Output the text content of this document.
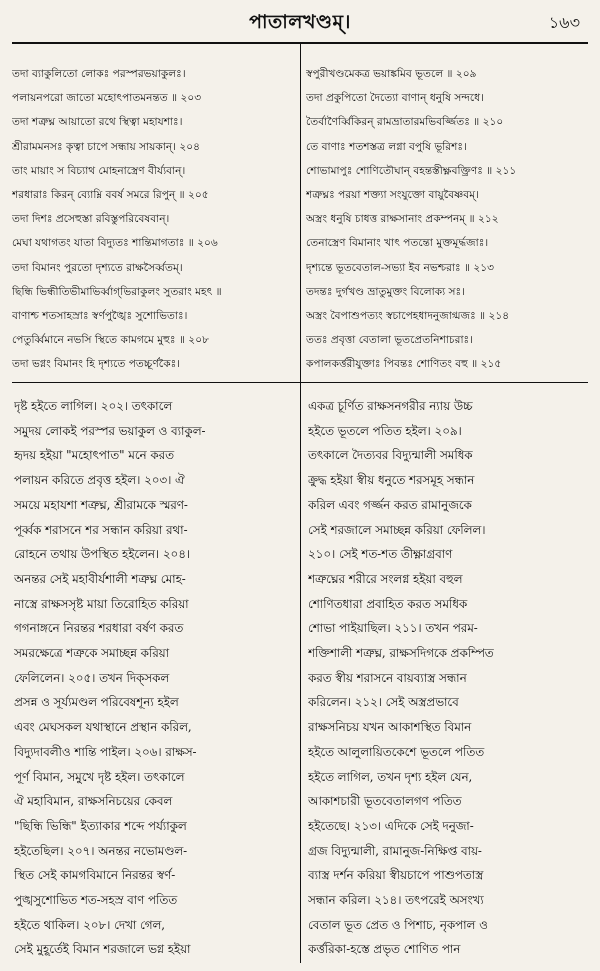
পাতালখণ্ডম্‌।	১৬৩
তদা ব্যাকুলিতো লোকঃ পরস্পরভয়াকুলঃ।
পলায়নপরো জাতো মহোৎপাতমনন্তত ॥ ২০৩
তদা শত্রুঘ্ন আয়াতো রথে স্থিত্বা মহাযশাঃ।
শ্রীরামমনসঃ কৃত্বা চাপে সন্ধায় সায়কান্‌। ২০৪
তাং মায়াং স বিচ্যাথ মোহনাস্ত্রেণ বীর্য্যবান্‌।
শরধারাঃ কিরন্‌ ব্যোম্নি ববর্ষ সমরে রিপুন্‌ ॥ ২০৫
তদা দিশঃ প্রসেহুস্তা রবিস্তুপরিবেষবান্‌।
মেঘা যথাগতং যাতা বিদ্যুতঃ শান্তিমাগতাঃ ॥ ২০৬
তদা বিমানং পুরতো দৃশ্যতে রাক্ষসৈর্ব্বতম্‌।
ছিন্ধি ভিন্ধীতিভীমাভির্ব্বাগ্‌ভিরাকুলং সুতরাং মহৎ ॥
বাণাশ্চ শতসাহস্রাঃ স্বর্ণপুঙ্খৈঃ সুশোভিতাঃ।
পেতুর্ব্বিমানে নভসি স্থিতে কামগমে মুহুঃ ॥ ২০৮
তদা ভগ্নং বিমানং হি দৃশ্যতে পতচ্চূর্ণকৈঃ।
স্বপুরীখণ্ডমেকত্র ভয়াঙ্কমিব ভূতলে ॥ ২০৯
তদা প্রকুপিতো দৈত্যো বাণান্‌ ধনুষি সন্দধে।
তৈর্বাণৈর্ব্বিকিরন্‌ রামভ্রাতারমভিবর্জ্জিতঃ ॥ ২১০
তে বাণাঃ শতশস্তত্র লগ্না বপুষি ভূরিশঃ।
শোভামাপুঃ শোণিতৌঘান্‌ বহন্তস্তীক্ষ্ণবক্ত্রিণঃ ॥ ২১১
শত্রুঘ্নঃ পরয়া শক্ত্যা সংযুক্তো বায়ুবৈষ্ণবম্‌।
অস্ত্রং ধনুষি চাধত্ত রাক্ষসানাং প্রকম্পনম্‌ ॥ ২১২
তেনাস্ত্রেণ বিমানাং খাৎ পতন্তো মুক্তমূর্দ্ধজাঃ।
দৃশ্যন্তে ভূতবেতাল-সভ্যা ইব নভশ্চরাঃ ॥ ২১৩
তদন্তঃ দুর্গখণ্ড ভ্রাতুমুক্তং বিলোক্য সঃ।
অস্ত্রং বৈপাশুপত্যং স্বচাপেহধাদনুজাগ্মজঃ ॥ ২১৪
ততঃ প্রবৃত্তা বেতালা ভূতপ্রেতনিশাচরাঃ।
কপালকর্ত্তরীযুক্তাঃ পিবন্তঃ শোণিতং বহু ॥ ২১৫
দৃষ্ট হইতে লাগিল। ২০২। তৎকালে
সমুদয় লোকই পরস্পর ভয়াকুল ও ব্যাকুল-
হৃদয় হইয়া "মহোৎপাত" মনে করত
পলায়ন করিতে প্রবৃত্ত হইল। ২০৩। ঐ
সময়ে মহাযশা শত্রুঘ্ন, শ্রীরামকে স্মরণ-
পূর্ব্বক শরাসনে শর সন্ধান করিয়া রথা-
রোহনে তথায় উপস্থিত হইলেন। ২০৪।
অনন্তর সেই মহাবীর্যশালী শত্রুঘ্ন মোহ-
নাস্ত্রে রাক্ষসসৃষ্ট মায়া তিরোহিত করিয়া
গগনাঙ্গনে নিরন্তর শরধারা বর্ষণ করত
সমরক্ষেত্রে শত্রুকে সমাচ্ছন্ন করিয়া
ফেলিলেন। ২০৫। তখন দিক্‌সকল
প্রসন্ন ও সূর্য্যমণ্ডল পরিবেষশূন্য হইল
এবং মেঘসকল যথাস্থানে প্রস্থান করিল,
বিদ্যুদাবলীও শান্তি পাইল। ২০৬। রাক্ষস-
পূর্ণ বিমান, সমুখে দৃষ্ট হইল। তৎকালে
ঐ মহাবিমান, রাক্ষসনিচয়ের কেবল
"ছিন্ধি ভিন্ধি" ইত্যাকার শব্দে পর্য্যাকুল
হইতেছিল। ২০৭। অনন্তর নভোমণ্ডল-
স্থিত সেই কামগবিমানে নিরন্তর স্বর্ণ-
পুঙ্খসুশোভিত শত-সহস্র বাণ পতিত
হইতে থাকিল। ২০৮। দেখা গেল,
সেই মুহূর্তেই বিমান শরজালে ভগ্ন হইয়া
একত্র চূর্ণিত রাক্ষসনগরীর ন্যায় উচ্চ
হইতে ভূতলে পতিত হইল। ২০৯।
তৎকালে দৈত্যবর বিদ্যুন্মালী সমধিক
ক্রুদ্ধ হইয়া স্বীয় ধনুতে শরসমূহ সন্ধান
করিল এবং গর্জ্জন করত রামানুজকে
সেই শরজালে সমাচ্ছন্ন করিয়া ফেলিল।
২১০। সেই শত-শত তীক্ষ্ণাগ্রবাণ
শত্রুঘ্নের শরীরে সংলগ্ন হইয়া বহুল
শোণিতধারা প্রবাহিত করত সমধিক
শোভা পাইয়াছিল। ২১১। তখন পরম-
শক্তিশালী শত্রুঘ্ন, রাক্ষসদিগকে প্রকম্পিত
করত স্বীয় শরাসনে বায়ব্যাস্ত্র সন্ধান
করিলেন। ২১২। সেই অস্ত্রপ্রভাবে
রাক্ষসনিচয় যখন আকাশস্থিত বিমান
হইতে আলুলায়িতকেশে ভূতলে পতিত
হইতে লাগিল, তখন দৃশ্য হইল যেন,
আকাশচারী ভূতবেতালগণ পতিত
হইতেছে। ২১৩। এদিকে সেই দনুজা-
গ্রজ বিদ্যুন্মালী, রামানুজ-নিক্ষিপ্ত বায়-
ব্যাস্ত্র দর্শন করিয়া স্বীয়চাপে পাশুপতাস্ত্র
সন্ধান করিল। ২১৪। তৎপরেই অসংখ্য
বেতাল ভূত প্রেত ও পিশাচ, নৃকপাল ও
কর্ত্তরিকা-হস্তে প্রভৃত শোণিত পান
